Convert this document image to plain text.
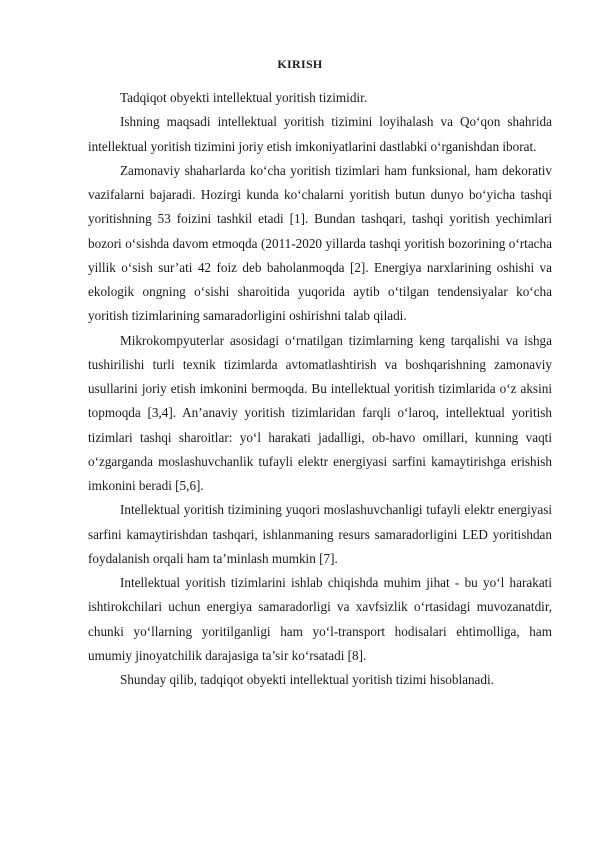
KIRISH

Tadqiqot obyekti intellektual yoritish tizimidir.

Ishning maqsadi intellektual yoritish tizimini loyihalash va Qo‘qon shahrida intellektual yoritish tizimini joriy etish imkoniyatlarini dastlabki o‘rganishdan iborat.

Zamonaviy shaharlarda ko‘cha yoritish tizimlari ham funksional, ham dekorativ vazifalarni bajaradi. Hozirgi kunda ko‘chalarni yoritish butun dunyo bo‘yicha tashqi yoritishning 53 foizini tashkil etadi [1]. Bundan tashqari, tashqi yoritish yechimlari bozori o‘sishda davom etmoqda (2011-2020 yillarda tashqi yoritish bozorining o‘rtacha yillik o‘sish sur’ati 42 foiz deb baholanmoqda [2]. Energiya narxlarining oshishi va ekologik ongning o‘sishi sharoitida yuqorida aytib o‘tilgan tendensiyalar ko‘cha yoritish tizimlarining samaradorligini oshirishni talab qiladi.

Mikrokompyuterlar asosidagi o‘rnatilgan tizimlarning keng tarqalishi va ishga tushirilishi turli texnik tizimlarda avtomatlashtirish va boshqarishning zamonaviy usullarini joriy etish imkonini bermoqda. Bu intellektual yoritish tizimlarida o‘z aksini topmoqda [3,4]. An’anaviy yoritish tizimlaridan farqli o‘laroq, intellektual yoritish tizimlari tashqi sharoitlar: yo‘l harakati jadalligi, ob-havo omillari, kunning vaqti o‘zgarganda moslashuvchanlik tufayli elektr energiyasi sarfini kamaytirishga erishish imkonini beradi [5,6].

Intellektual yoritish tizimining yuqori moslashuvchanligi tufayli elektr energiyasi sarfini kamaytirishdan tashqari, ishlanmaning resurs samaradorligini LED yoritishdan foydalanish orqali ham ta’minlash mumkin [7].

Intellektual yoritish tizimlarini ishlab chiqishda muhim jihat - bu yo‘l harakati ishtirokchilari uchun energiya samaradorligi va xavfsizlik o‘rtasidagi muvozanatdir, chunki yo‘llarning yoritilganligi ham yo‘l-transport hodisalari ehtimolliga, ham umumiy jinoyatchilik darajasiga ta’sir ko‘rsatadi [8].

Shunday qilib, tadqiqot obyekti intellektual yoritish tizimi hisoblanadi.
